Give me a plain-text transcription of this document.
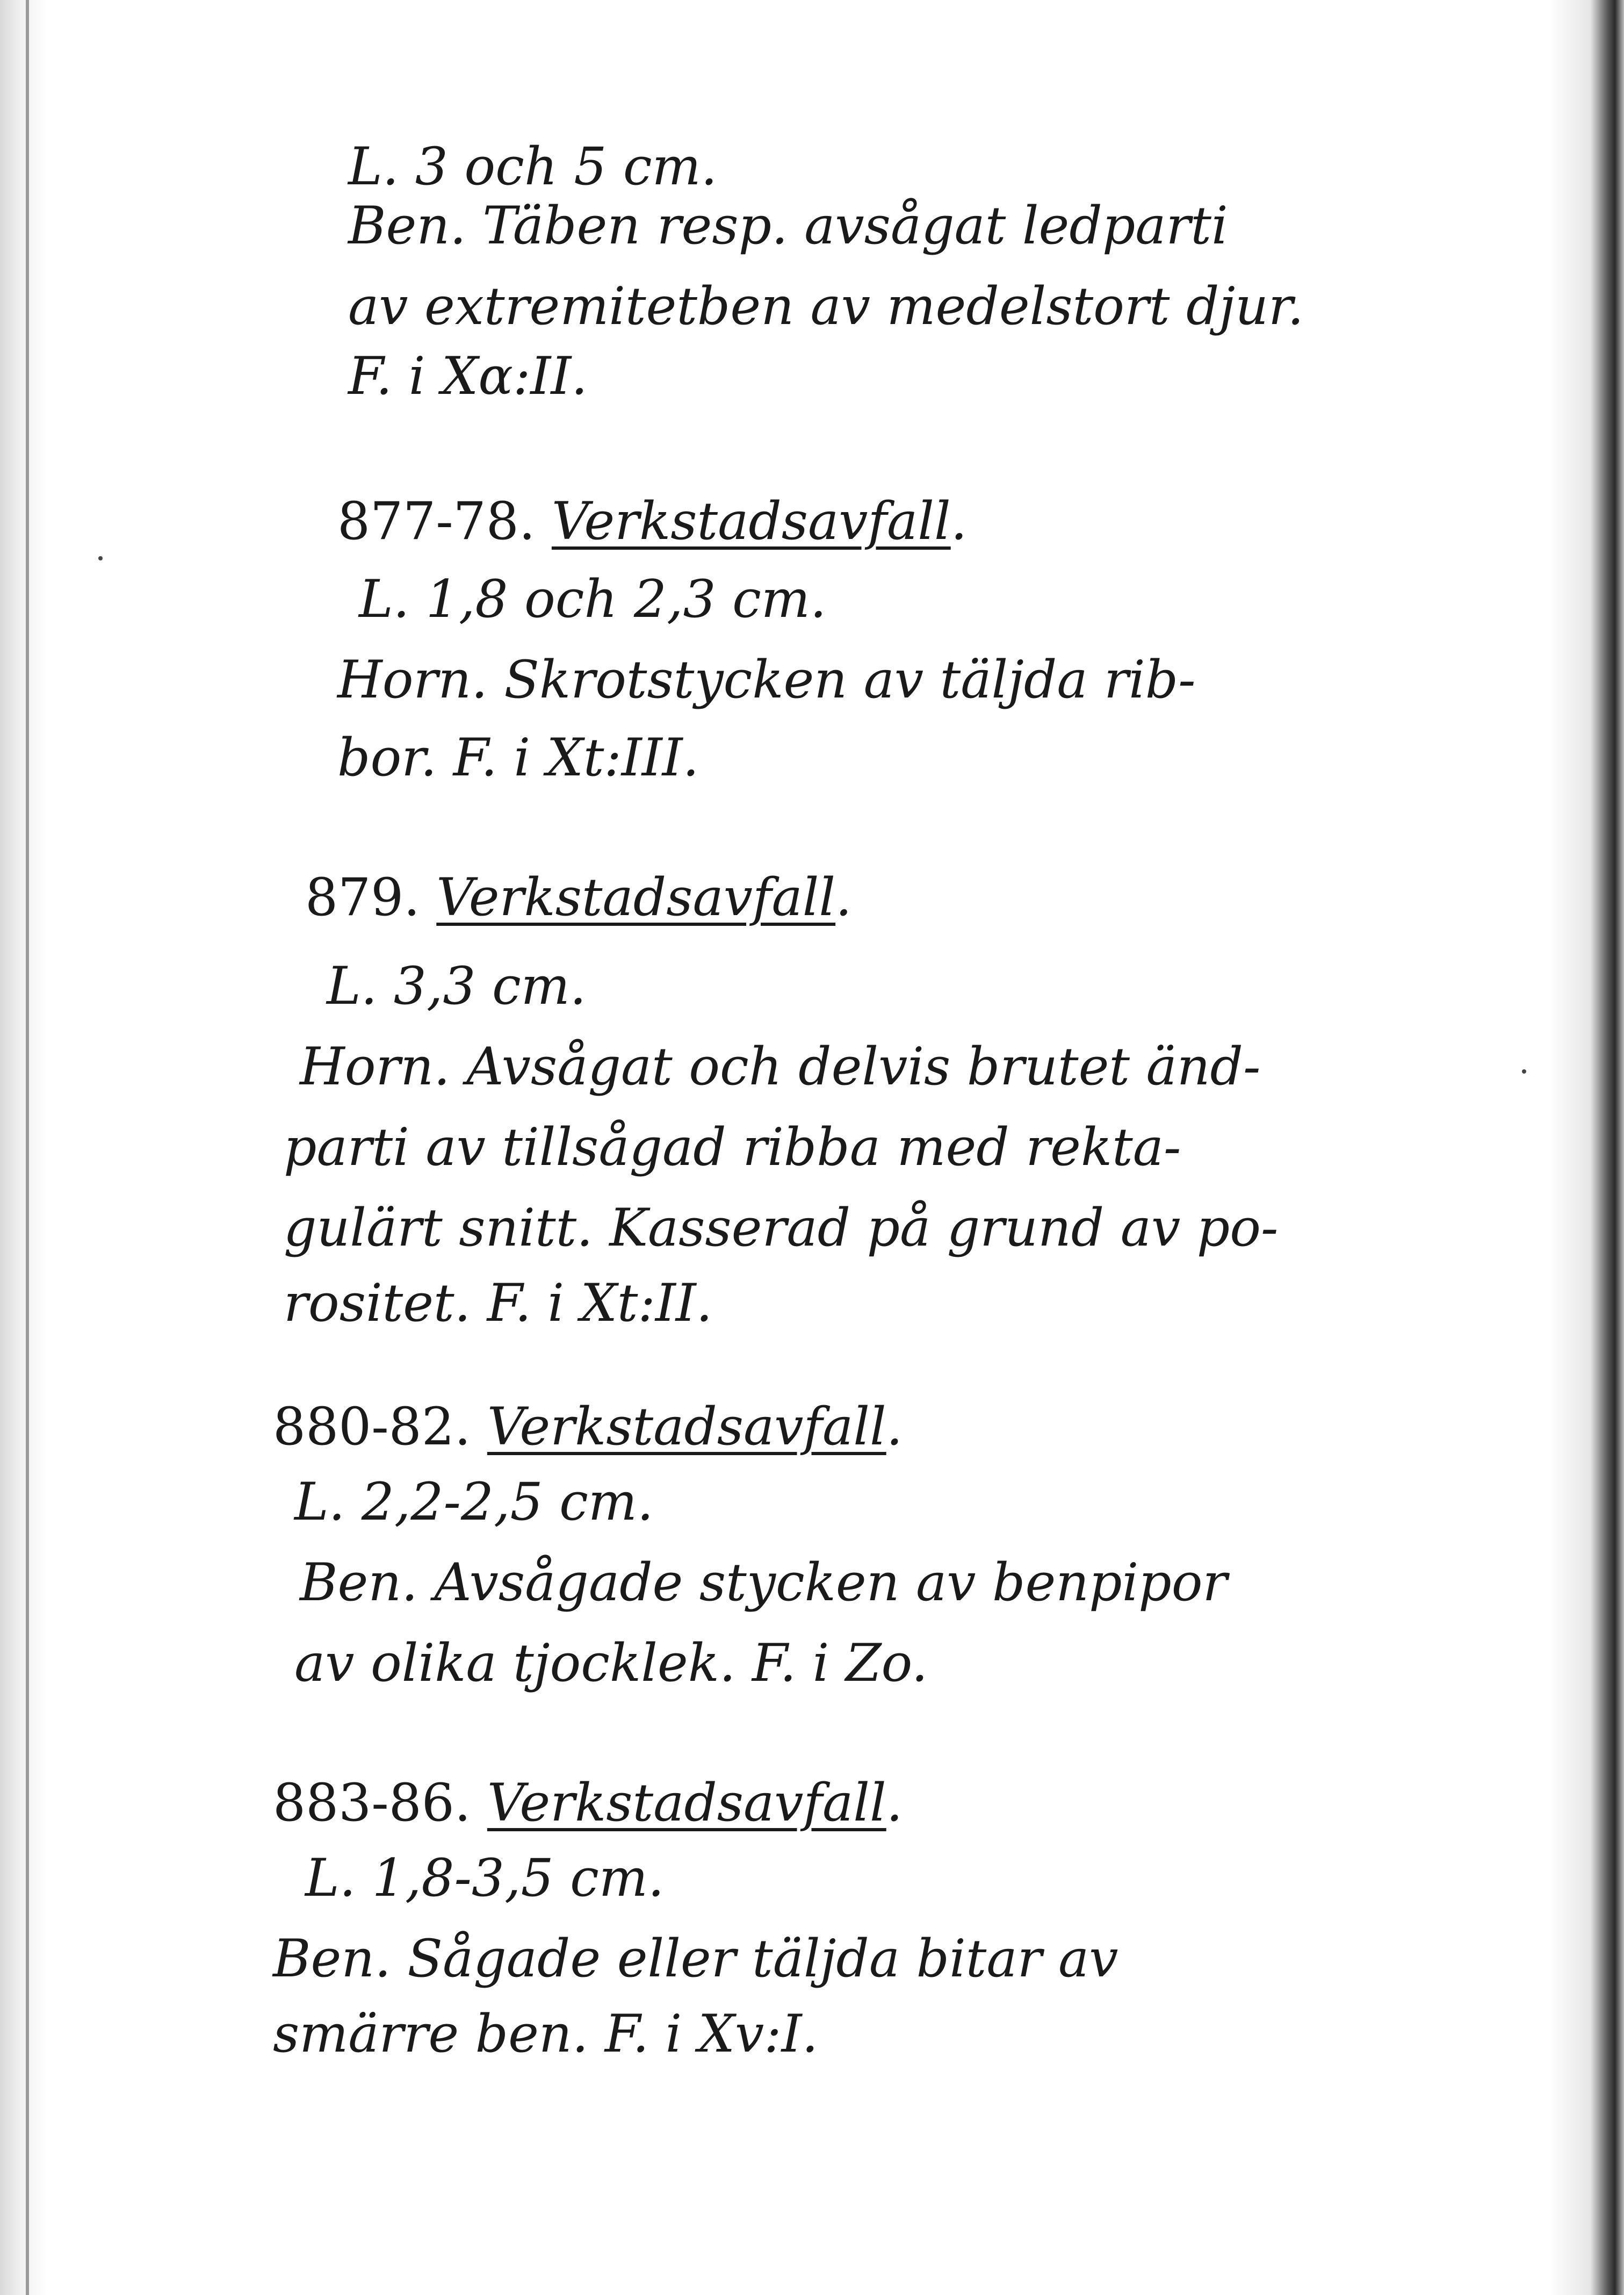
L. 3 och 5 cm.
Ben. Täben resp. avsågat ledparti
av extremitetben av medelstort djur.
F. i Xα:II.
877-78. Verkstadsavfall.
L. 1,8 och 2,3 cm.
Horn. Skrotstycken av täljda rib-
bor. F. i Xt:III.
879. Verkstadsavfall.
L. 3,3 cm.
Horn. Avsågat och delvis brutet änd-
parti av tillsågad ribba med rekta-
gulärt snitt. Kasserad på grund av po-
rositet. F. i Xt:II.
880-82. Verkstadsavfall.
L. 2,2-2,5 cm.
Ben. Avsågade stycken av benpipor
av olika tjocklek. F. i Zo.
883-86. Verkstadsavfall.
L. 1,8-3,5 cm.
Ben. Sågade eller täljda bitar av
smärre ben. F. i Xv:I.
